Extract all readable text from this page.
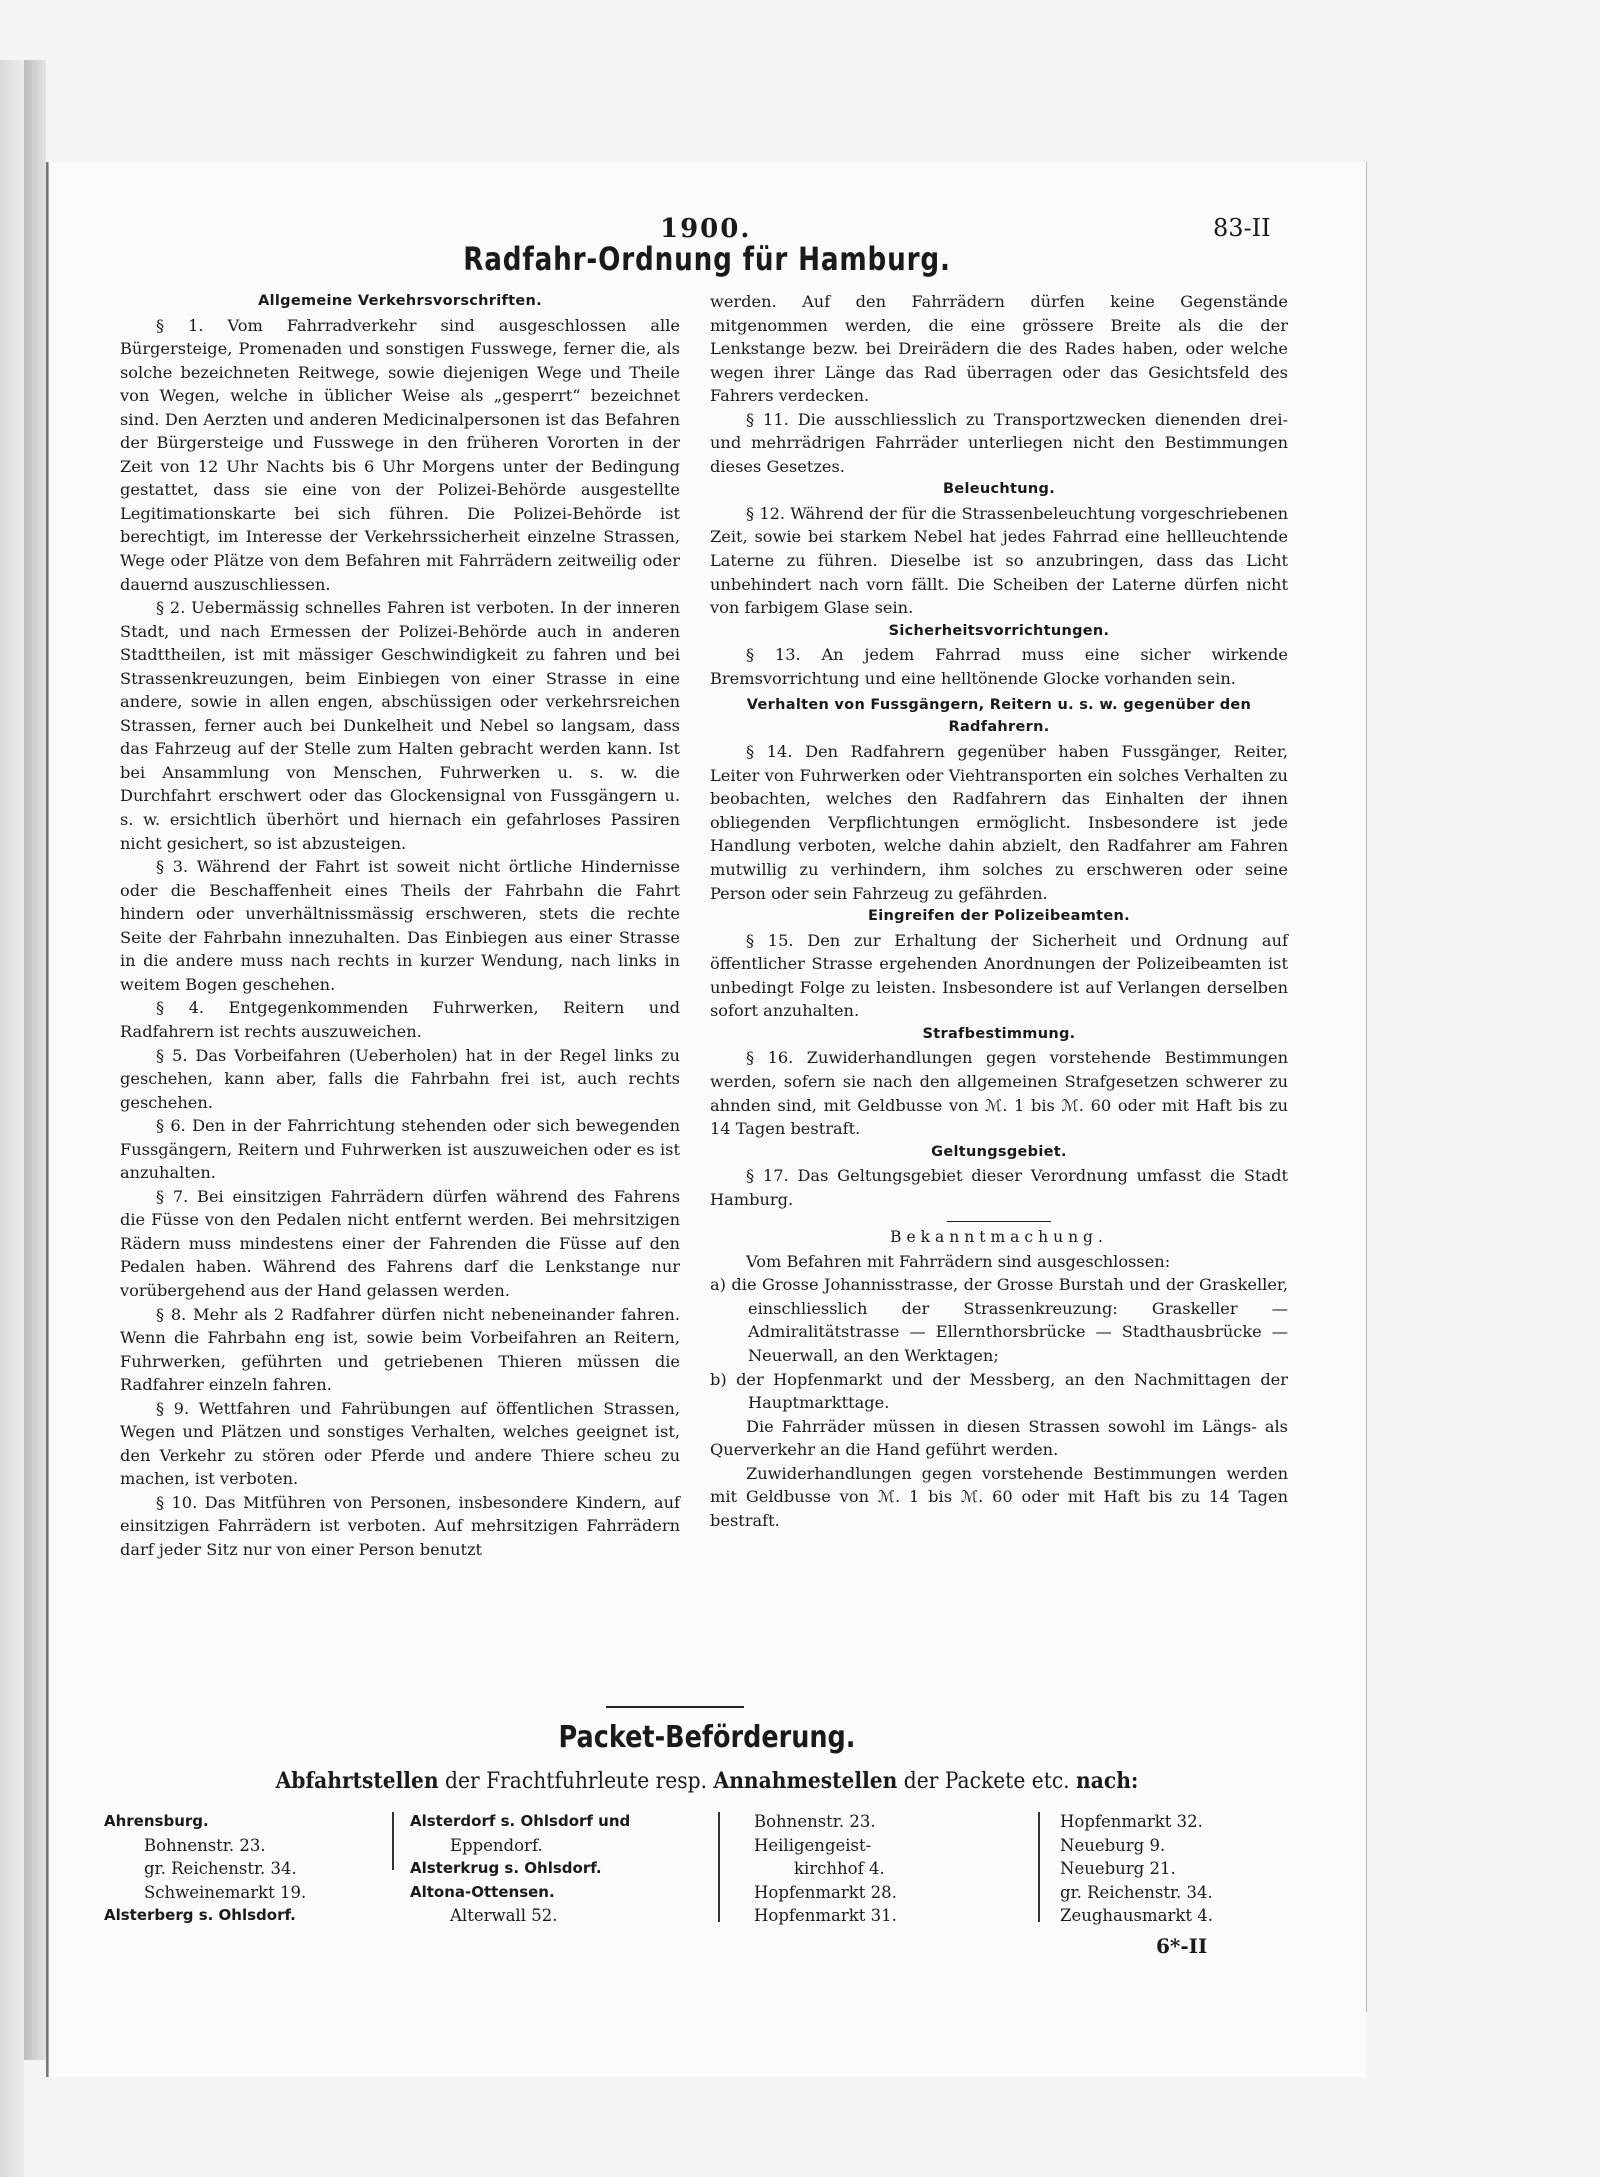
1900.	83-II
Radfahr-Ordnung für Hamburg.
Allgemeine Verkehrsvorschriften.

§ 1. Vom Fahrradverkehr sind ausgeschlossen alle Bürgersteige, Promenaden und sonstigen Fusswege, ferner die, als solche bezeichneten Reitwege, sowie diejenigen Wege und Theile von Wegen, welche in üblicher Weise als „gesperrt“ bezeichnet sind. Den Aerzten und anderen Medicinalpersonen ist das Befahren der Bürgersteige und Fusswege in den früheren Vororten in der Zeit von 12 Uhr Nachts bis 6 Uhr Morgens unter der Bedingung gestattet, dass sie eine von der Polizei-Behörde ausgestellte Legitimationskarte bei sich führen. Die Polizei-Behörde ist berechtigt, im Interesse der Verkehrssicherheit einzelne Strassen, Wege oder Plätze von dem Befahren mit Fahrrädern zeitweilig oder dauernd auszuschliessen.

§ 2. Uebermässig schnelles Fahren ist verboten. In der inneren Stadt, und nach Ermessen der Polizei-Behörde auch in anderen Stadttheilen, ist mit mässiger Geschwindigkeit zu fahren und bei Strassenkreuzungen, beim Einbiegen von einer Strasse in eine andere, sowie in allen engen, abschüssigen oder verkehrsreichen Strassen, ferner auch bei Dunkelheit und Nebel so langsam, dass das Fahrzeug auf der Stelle zum Halten gebracht werden kann. Ist bei Ansammlung von Menschen, Fuhrwerken u. s. w. die Durchfahrt erschwert oder das Glockensignal von Fussgängern u. s. w. ersichtlich überhört und hiernach ein gefahrloses Passiren nicht gesichert, so ist abzusteigen.

§ 3. Während der Fahrt ist soweit nicht örtliche Hindernisse oder die Beschaffenheit eines Theils der Fahrbahn die Fahrt hindern oder unverhältnissmässig erschweren, stets die rechte Seite der Fahrbahn innezuhalten. Das Einbiegen aus einer Strasse in die andere muss nach rechts in kurzer Wendung, nach links in weitem Bogen geschehen.

§ 4. Entgegenkommenden Fuhrwerken, Reitern und Radfahrern ist rechts auszuweichen.

§ 5. Das Vorbeifahren (Ueberholen) hat in der Regel links zu geschehen, kann aber, falls die Fahrbahn frei ist, auch rechts geschehen.

§ 6. Den in der Fahrrichtung stehenden oder sich bewegenden Fussgängern, Reitern und Fuhrwerken ist auszuweichen oder es ist anzuhalten.

§ 7. Bei einsitzigen Fahrrädern dürfen während des Fahrens die Füsse von den Pedalen nicht entfernt werden. Bei mehrsitzigen Rädern muss mindestens einer der Fahrenden die Füsse auf den Pedalen haben. Während des Fahrens darf die Lenkstange nur vorübergehend aus der Hand gelassen werden.

§ 8. Mehr als 2 Radfahrer dürfen nicht nebeneinander fahren. Wenn die Fahrbahn eng ist, sowie beim Vorbeifahren an Reitern, Fuhrwerken, geführten und getriebenen Thieren müssen die Radfahrer einzeln fahren.

§ 9. Wettfahren und Fahrübungen auf öffentlichen Strassen, Wegen und Plätzen und sonstiges Verhalten, welches geeignet ist, den Verkehr zu stören oder Pferde und andere Thiere scheu zu machen, ist verboten.

§ 10. Das Mitführen von Personen, insbesondere Kindern, auf einsitzigen Fahrrädern ist verboten. Auf mehrsitzigen Fahrrädern darf jeder Sitz nur von einer Person benutzt

werden. Auf den Fahrrädern dürfen keine Gegenstände mitgenommen werden, die eine grössere Breite als die der Lenkstange bezw. bei Dreirädern die des Rades haben, oder welche wegen ihrer Länge das Rad überragen oder das Gesichtsfeld des Fahrers verdecken.

§ 11. Die ausschliesslich zu Transportzwecken dienenden drei- und mehrrädrigen Fahrräder unterliegen nicht den Bestimmungen dieses Gesetzes.

Beleuchtung.

§ 12. Während der für die Strassenbeleuchtung vorgeschriebenen Zeit, sowie bei starkem Nebel hat jedes Fahrrad eine hellleuchtende Laterne zu führen. Dieselbe ist so anzubringen, dass das Licht unbehindert nach vorn fällt. Die Scheiben der Laterne dürfen nicht von farbigem Glase sein.

Sicherheitsvorrichtungen.

§ 13. An jedem Fahrrad muss eine sicher wirkende Bremsvorrichtung und eine helltönende Glocke vorhanden sein.

Verhalten von Fussgängern, Reitern u. s. w. gegenüber den Radfahrern.

§ 14. Den Radfahrern gegenüber haben Fussgänger, Reiter, Leiter von Fuhrwerken oder Viehtransporten ein solches Verhalten zu beobachten, welches den Radfahrern das Einhalten der ihnen obliegenden Verpflichtungen ermöglicht. Insbesondere ist jede Handlung verboten, welche dahin abzielt, den Radfahrer am Fahren mutwillig zu verhindern, ihm solches zu erschweren oder seine Person oder sein Fahrzeug zu gefährden.

Eingreifen der Polizeibeamten.

§ 15. Den zur Erhaltung der Sicherheit und Ordnung auf öffentlicher Strasse ergehenden Anordnungen der Polizeibeamten ist unbedingt Folge zu leisten. Insbesondere ist auf Verlangen derselben sofort anzuhalten.

Strafbestimmung.

§ 16. Zuwiderhandlungen gegen vorstehende Bestimmungen werden, sofern sie nach den allgemeinen Strafgesetzen schwerer zu ahnden sind, mit Geldbusse von ℳ. 1 bis ℳ. 60 oder mit Haft bis zu 14 Tagen bestraft.

Geltungsgebiet.

§ 17. Das Geltungsgebiet dieser Verordnung umfasst die Stadt Hamburg.

Bekanntmachung.

Vom Befahren mit Fahrrädern sind ausgeschlossen:

a) die Grosse Johannisstrasse, der Grosse Burstah und der Graskeller, einschliesslich der Strassenkreuzung: Graskeller — Admiralitätstrasse — Ellernthorsbrücke — Stadthausbrücke — Neuerwall, an den Werktagen;

b) der Hopfenmarkt und der Messberg, an den Nachmittagen der Hauptmarkttage.

Die Fahrräder müssen in diesen Strassen sowohl im Längs- als Querverkehr an die Hand geführt werden.

Zuwiderhandlungen gegen vorstehende Bestimmungen werden mit Geldbusse von ℳ. 1 bis ℳ. 60 oder mit Haft bis zu 14 Tagen bestraft.

Packet-Beförderung.
Abfahrtstellen der Frachtfuhrleute resp. Annahmestellen der Packete etc. nach:
Ahrensburg.
Bohnenstr. 23.
gr. Reichenstr. 34.
Schweinemarkt 19.
Alsterberg s. Ohlsdorf.
Alsterdorf s. Ohlsdorf und
Eppendorf.
Alsterkrug s. Ohlsdorf.
Altona-Ottensen.
Alterwall 52.
Bohnenstr. 23.
Heiligengeist-
kirchhof 4.
Hopfenmarkt 28.
Hopfenmarkt 31.
Hopfenmarkt 32.
Neueburg 9.
Neueburg 21.
gr. Reichenstr. 34.
Zeughausmarkt 4.
6*-II
